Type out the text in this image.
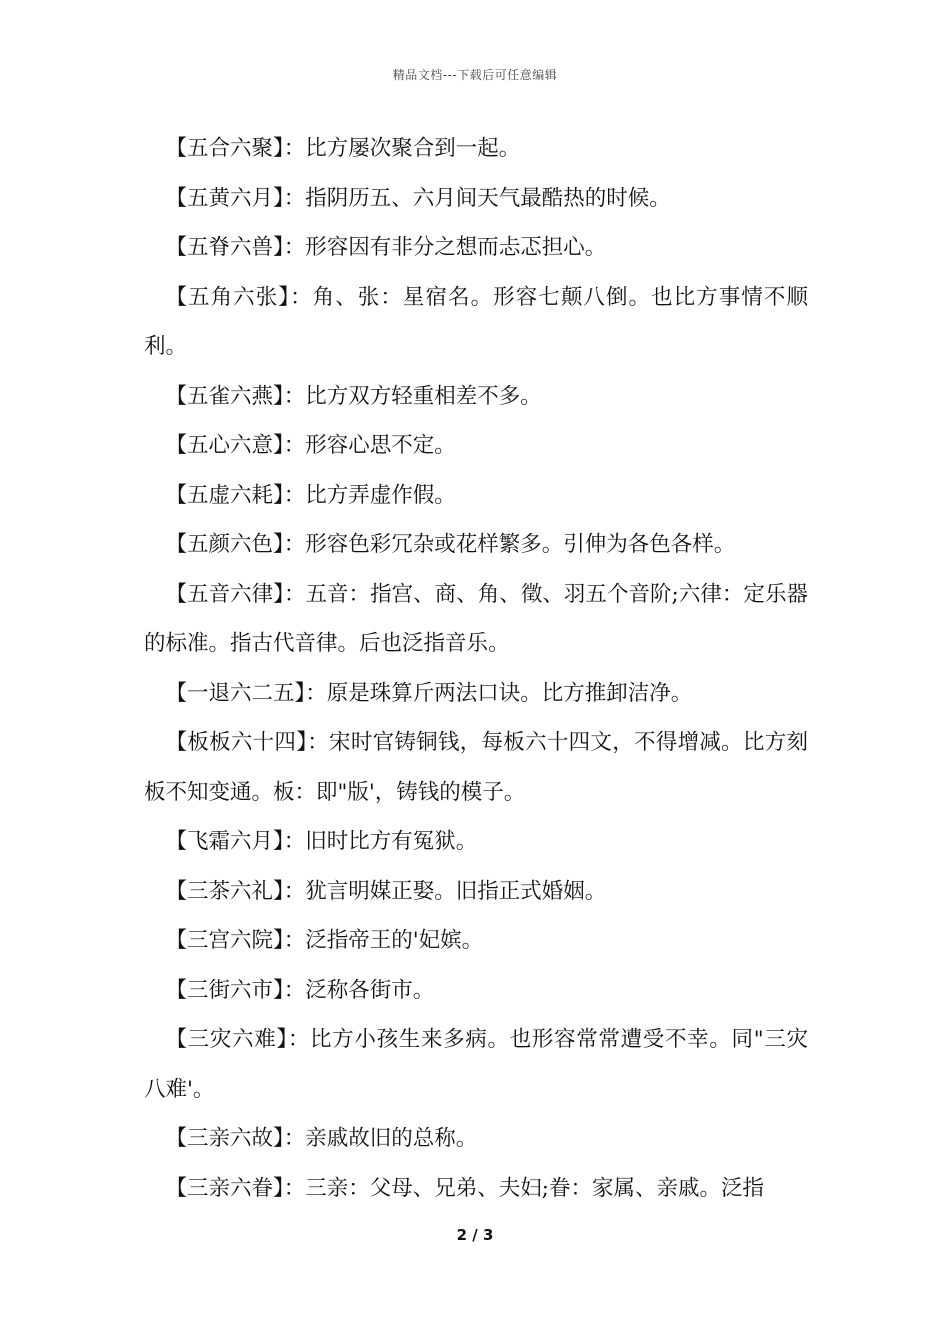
精品文档---下载后可任意编辑

【五合六聚】：比方屡次聚合到一起。

【五黄六月】：指阴历五、六月间天气最酷热的时候。

【五脊六兽】：形容因有非分之想而忐忑担心。

【五角六张】：角、张：星宿名。形容七颠八倒。也比方事情不顺利。

【五雀六燕】：比方双方轻重相差不多。

【五心六意】：形容心思不定。

【五虚六耗】：比方弄虚作假。

【五颜六色】：形容色彩冗杂或花样繁多。引伸为各色各样。

【五音六律】：五音：指宫、商、角、徵、羽五个音阶;六律：定乐器的标准。指古代音律。后也泛指音乐。

【一退六二五】：原是珠算斤两法口诀。比方推卸洁净。

【板板六十四】：宋时官铸铜钱，每板六十四文，不得增减。比方刻板不知变通。板：即"版'，铸钱的模子。

【飞霜六月】：旧时比方有冤狱。

【三茶六礼】：犹言明媒正娶。旧指正式婚姻。

【三宫六院】：泛指帝王的'妃嫔。

【三街六市】：泛称各街市。

【三灾六难】：比方小孩生来多病。也形容常常遭受不幸。同"三灾八难'。

【三亲六故】：亲戚故旧的总称。

【三亲六眷】：三亲：父母、兄弟、夫妇;眷：家属、亲戚。泛指

2 / 3
